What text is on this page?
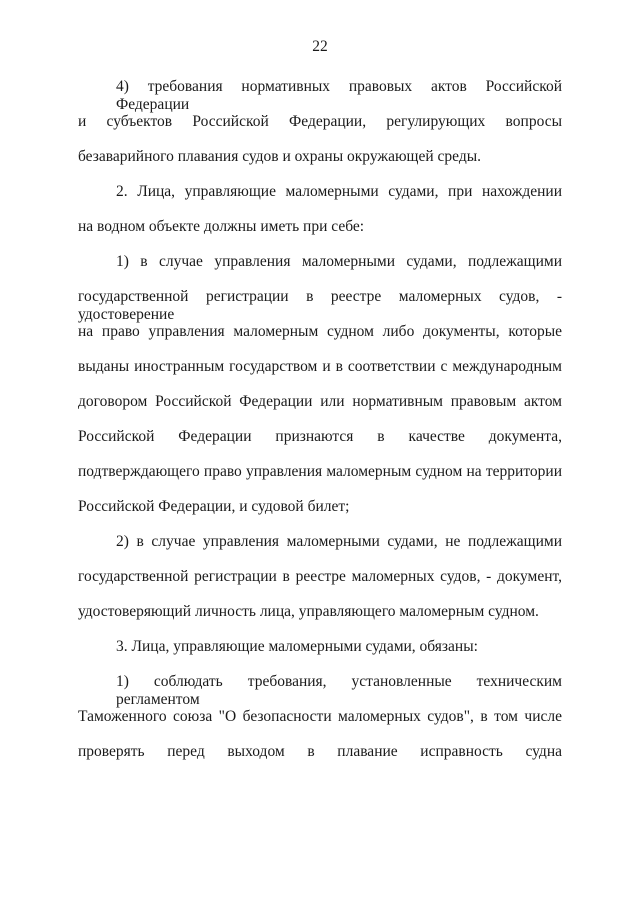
22
4) требования нормативных правовых актов Российской Федерации
и субъектов Российской Федерации, регулирующих вопросы
безаварийного плавания судов и охраны окружающей среды.
2. Лица, управляющие маломерными судами, при нахождении
на водном объекте должны иметь при себе:
1) в случае управления маломерными судами, подлежащими
государственной регистрации в реестре маломерных судов, - удостоверение
на право управления маломерным судном либо документы, которые
выданы иностранным государством и в соответствии с международным
договором Российской Федерации или нормативным правовым актом
Российской Федерации признаются в качестве документа,
подтверждающего право управления маломерным судном на территории
Российской Федерации, и судовой билет;
2) в случае управления маломерными судами, не подлежащими
государственной регистрации в реестре маломерных судов, - документ,
удостоверяющий личность лица, управляющего маломерным судном.
3. Лица, управляющие маломерными судами, обязаны:
1) соблюдать требования, установленные техническим регламентом
Таможенного союза "О безопасности маломерных судов", в том числе
проверять перед выходом в плавание исправность судна
